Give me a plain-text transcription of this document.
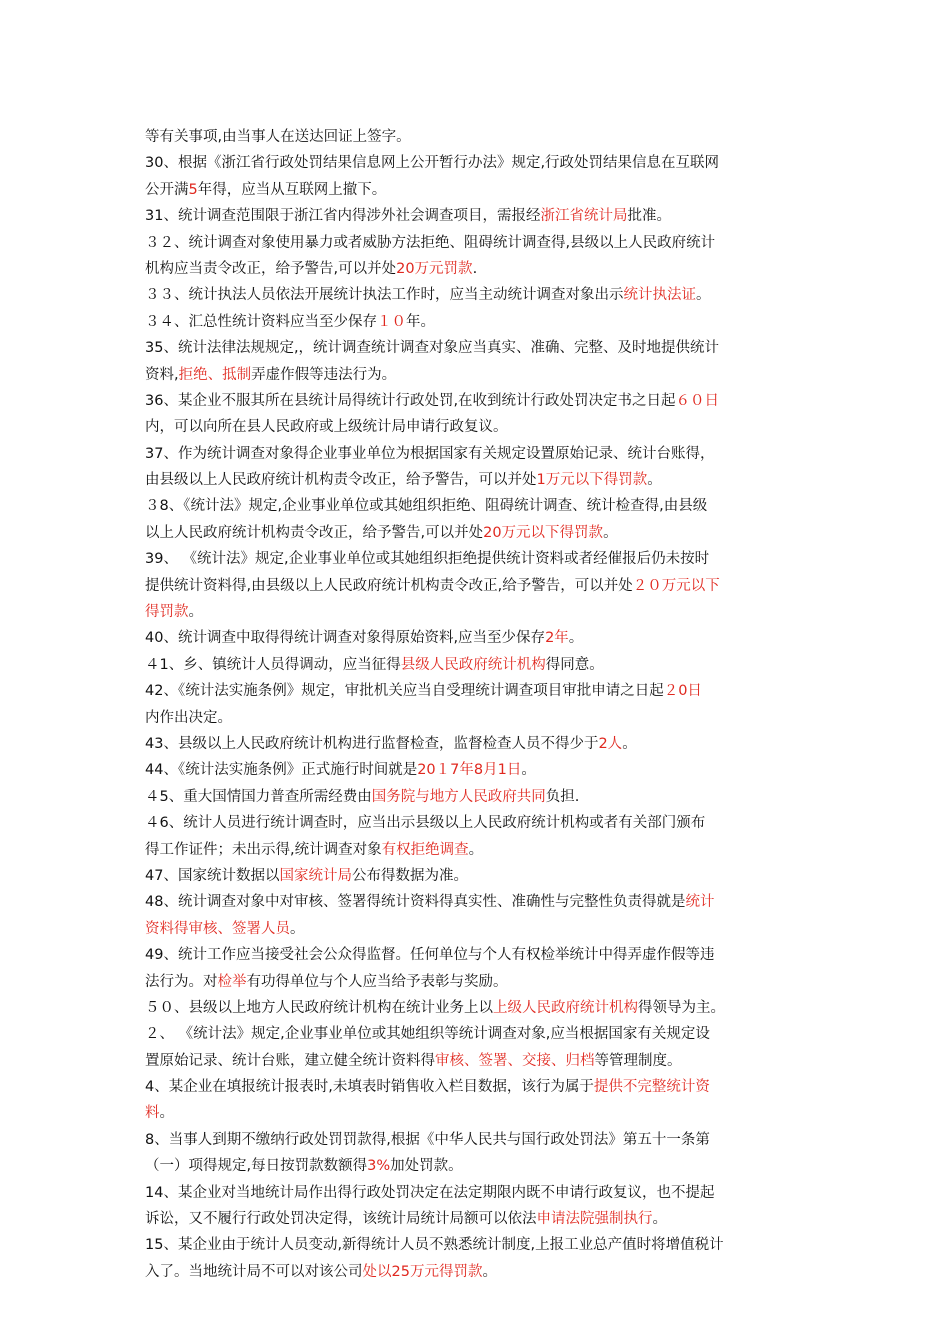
等有关事项,由当事人在送达回证上签字。
30、根据《浙江省行政处罚结果信息网上公开暂行办法》规定,行政处罚结果信息在互联网
公开满5年得，应当从互联网上撤下。
31、统计调查范围限于浙江省内得涉外社会调查项目，需报经浙江省统计局批准。
３２、统计调查对象使用暴力或者威胁方法拒绝、阻碍统计调查得,县级以上人民政府统计
机构应当责令改正，给予警告,可以并处20万元罚款.
３３、统计执法人员依法开展统计执法工作时，应当主动统计调查对象出示统计执法证。
３４、汇总性统计资料应当至少保存１０年。
35、统计法律法规规定,，统计调查统计调查对象应当真实、准确、完整、及时地提供统计
资料,拒绝、抵制弄虚作假等违法行为。
36、某企业不服其所在县统计局得统计行政处罚,在收到统计行政处罚决定书之日起６０日
内，可以向所在县人民政府或上级统计局申请行政复议。
37、作为统计调查对象得企业事业单位为根据国家有关规定设置原始记录、统计台账得，
由县级以上人民政府统计机构责令改正，给予警告，可以并处1万元以下得罚款。
３8、《统计法》规定,企业事业单位或其她组织拒绝、阻碍统计调查、统计检查得,由县级
以上人民政府统计机构责令改正，给予警告,可以并处20万元以下得罚款。
39、 《统计法》规定,企业事业单位或其她组织拒绝提供统计资料或者经催报后仍未按时
提供统计资料得,由县级以上人民政府统计机构责令改正,给予警告，可以并处２０万元以下
得罚款。
40、统计调查中取得得统计调查对象得原始资料,应当至少保存2年。
４1、乡、镇统计人员得调动，应当征得县级人民政府统计机构得同意。
42、《统计法实施条例》规定，审批机关应当自受理统计调查项目审批申请之日起２0日
内作出决定。
43、县级以上人民政府统计机构进行监督检查，监督检查人员不得少于2人。
44、《统计法实施条例》正式施行时间就是20１7年8月1日。
４5、重大国情国力普查所需经费由国务院与地方人民政府共同负担.
４6、统计人员进行统计调查时，应当出示县级以上人民政府统计机构或者有关部门颁布
得工作证件；未出示得,统计调查对象有权拒绝调查。
47、国家统计数据以国家统计局公布得数据为准。
48、统计调查对象中对审核、签署得统计资料得真实性、准确性与完整性负责得就是统计
资料得审核、签署人员。
49、统计工作应当接受社会公众得监督。任何单位与个人有权检举统计中得弄虚作假等违
法行为。对检举有功得单位与个人应当给予表彰与奖励。
５０、县级以上地方人民政府统计机构在统计业务上以上级人民政府统计机构得领导为主。
２、 《统计法》规定,企业事业单位或其她组织等统计调查对象,应当根据国家有关规定设
置原始记录、统计台账，建立健全统计资料得审核、签署、交接、归档等管理制度。
4、某企业在填报统计报表时,未填表时销售收入栏目数据，该行为属于提供不完整统计资
料。
8、当事人到期不缴纳行政处罚罚款得,根据《中华人民共与国行政处罚法》第五十一条第
（一）项得规定,每日按罚款数额得3%加处罚款。
14、某企业对当地统计局作出得行政处罚决定在法定期限内既不申请行政复议，也不提起
诉讼，又不履行行政处罚决定得，该统计局统计局额可以依法申请法院强制执行。
15、某企业由于统计人员变动,新得统计人员不熟悉统计制度,上报工业总产值时将增值税计
入了。当地统计局不可以对该公司处以25万元得罚款。
